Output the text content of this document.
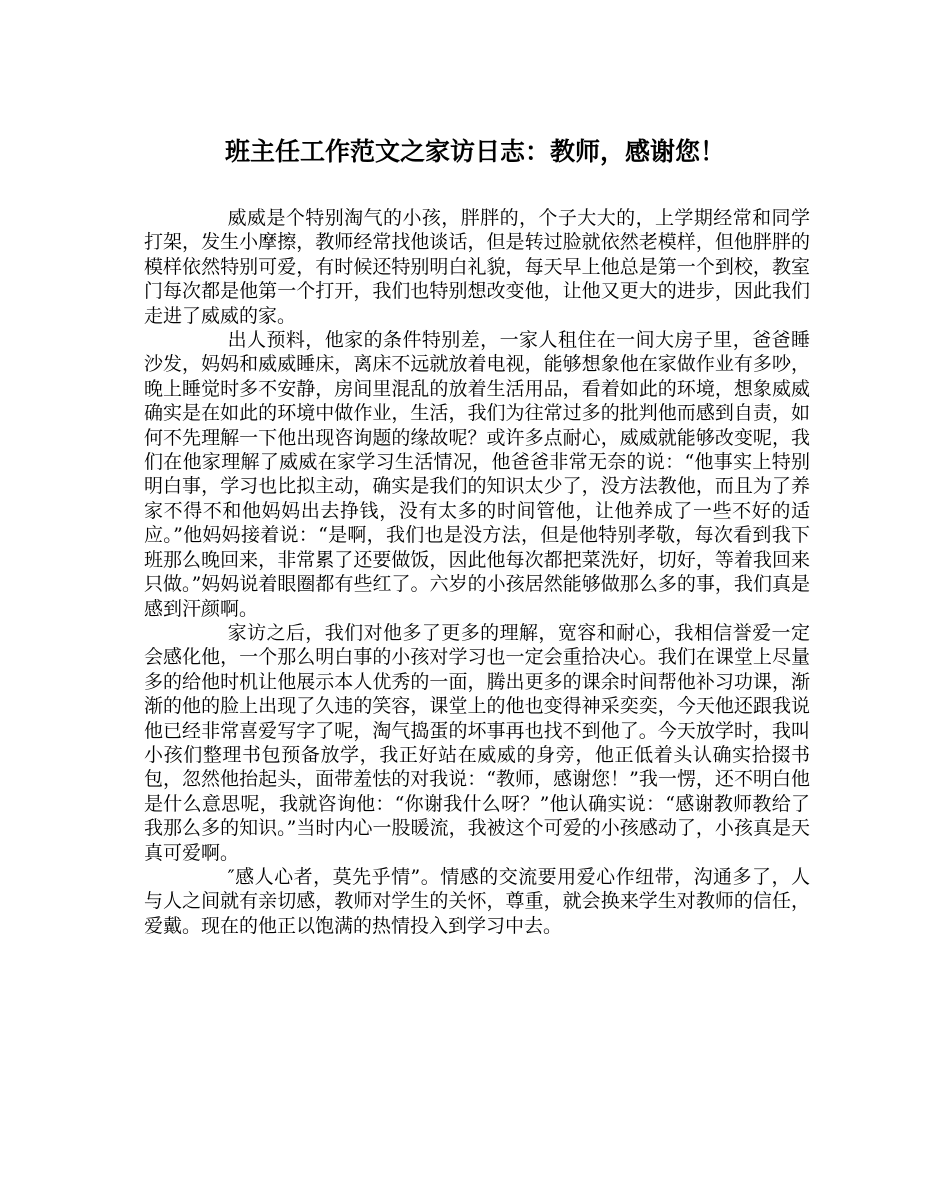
班主任工作范文之家访日志：教师，感谢您！

威威是个特别淘气的小孩，胖胖的，个子大大的，上学期经常和同学打架，发生小摩擦，教师经常找他谈话，但是转过脸就依然老模样，但他胖胖的模样依然特别可爱，有时候还特别明白礼貌，每天早上他总是第一个到校，教室门每次都是他第一个打开，我们也特别想改变他，让他又更大的进步，因此我们走进了威威的家。

出人预料，他家的条件特别差，一家人租住在一间大房子里，爸爸睡沙发，妈妈和威威睡床，离床不远就放着电视，能够想象他在家做作业有多吵，晚上睡觉时多不安静，房间里混乱的放着生活用品，看着如此的环境，想象威威确实是在如此的环境中做作业，生活，我们为往常过多的批判他而感到自责，如何不先理解一下他出现咨询题的缘故呢？或许多点耐心，威威就能够改变呢，我们在他家理解了威威在家学习生活情况，他爸爸非常无奈的说：“他事实上特别明白事，学习也比拟主动，确实是我们的知识太少了，没方法教他，而且为了养家不得不和他妈妈出去挣钱，没有太多的时间管他，让他养成了一些不好的适应。”他妈妈接着说：“是啊，我们也是没方法，但是他特别孝敬，每次看到我下班那么晚回来，非常累了还要做饭，因此他每次都把菜洗好，切好，等着我回来只做。”妈妈说着眼圈都有些红了。六岁的小孩居然能够做那么多的事，我们真是感到汗颜啊。

家访之后，我们对他多了更多的理解，宽容和耐心，我相信誉爱一定会感化他，一个那么明白事的小孩对学习也一定会重拾决心。我们在课堂上尽量多的给他时机让他展示本人优秀的一面，腾出更多的课余时间帮他补习功课，渐渐的他的脸上出现了久违的笑容，课堂上的他也变得神采奕奕，今天他还跟我说他已经非常喜爱写字了呢，淘气捣蛋的坏事再也找不到他了。今天放学时，我叫小孩们整理书包预备放学，我正好站在威威的身旁，他正低着头认确实拾掇书包，忽然他抬起头，面带羞怯的对我说：“教师，感谢您！”我一愣，还不明白他是什么意思呢，我就咨询他：“你谢我什么呀？”他认确实说：“感谢教师教给了我那么多的知识。”当时内心一股暖流，我被这个可爱的小孩感动了，小孩真是天真可爱啊。

″感人心者，莫先乎情”。情感的交流要用爱心作纽带，沟通多了，人与人之间就有亲切感，教师对学生的关怀，尊重，就会换来学生对教师的信任，爱戴。现在的他正以饱满的热情投入到学习中去。
